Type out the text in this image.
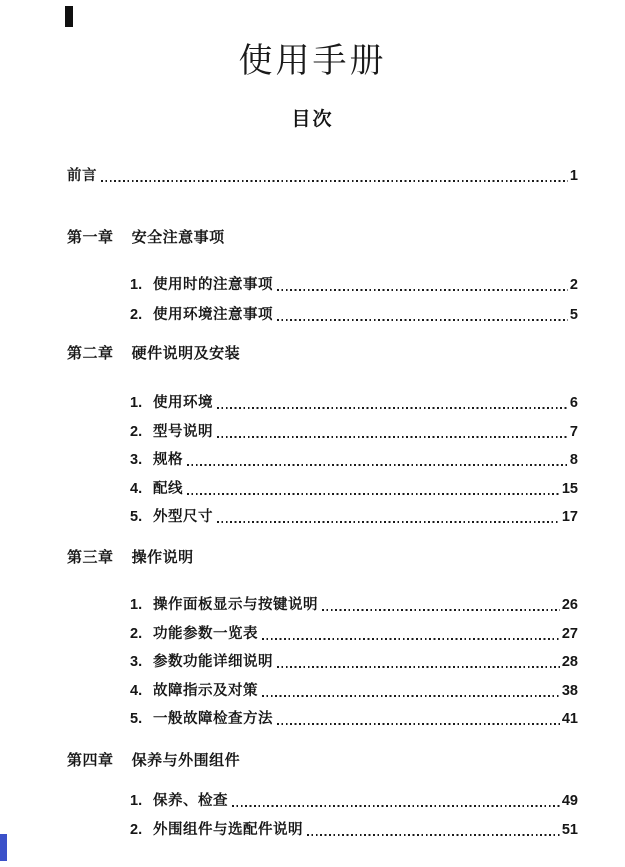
使用手册
目次
前言	1
第一章 安全注意事项
1. 使用时的注意事项	2
2. 使用环境注意事项	5
第二章 硬件说明及安装
1. 使用环境	6
2. 型号说明	7
3. 规格	8
4. 配线	15
5. 外型尺寸	17
第三章 操作说明
1. 操作面板显示与按键说明	26
2. 功能参数一览表	27
3. 参数功能详细说明	28
4. 故障指示及对策	38
5. 一般故障检查方法	41
第四章 保养与外围组件
1. 保养、检查	49
2. 外围组件与选配件说明	51
